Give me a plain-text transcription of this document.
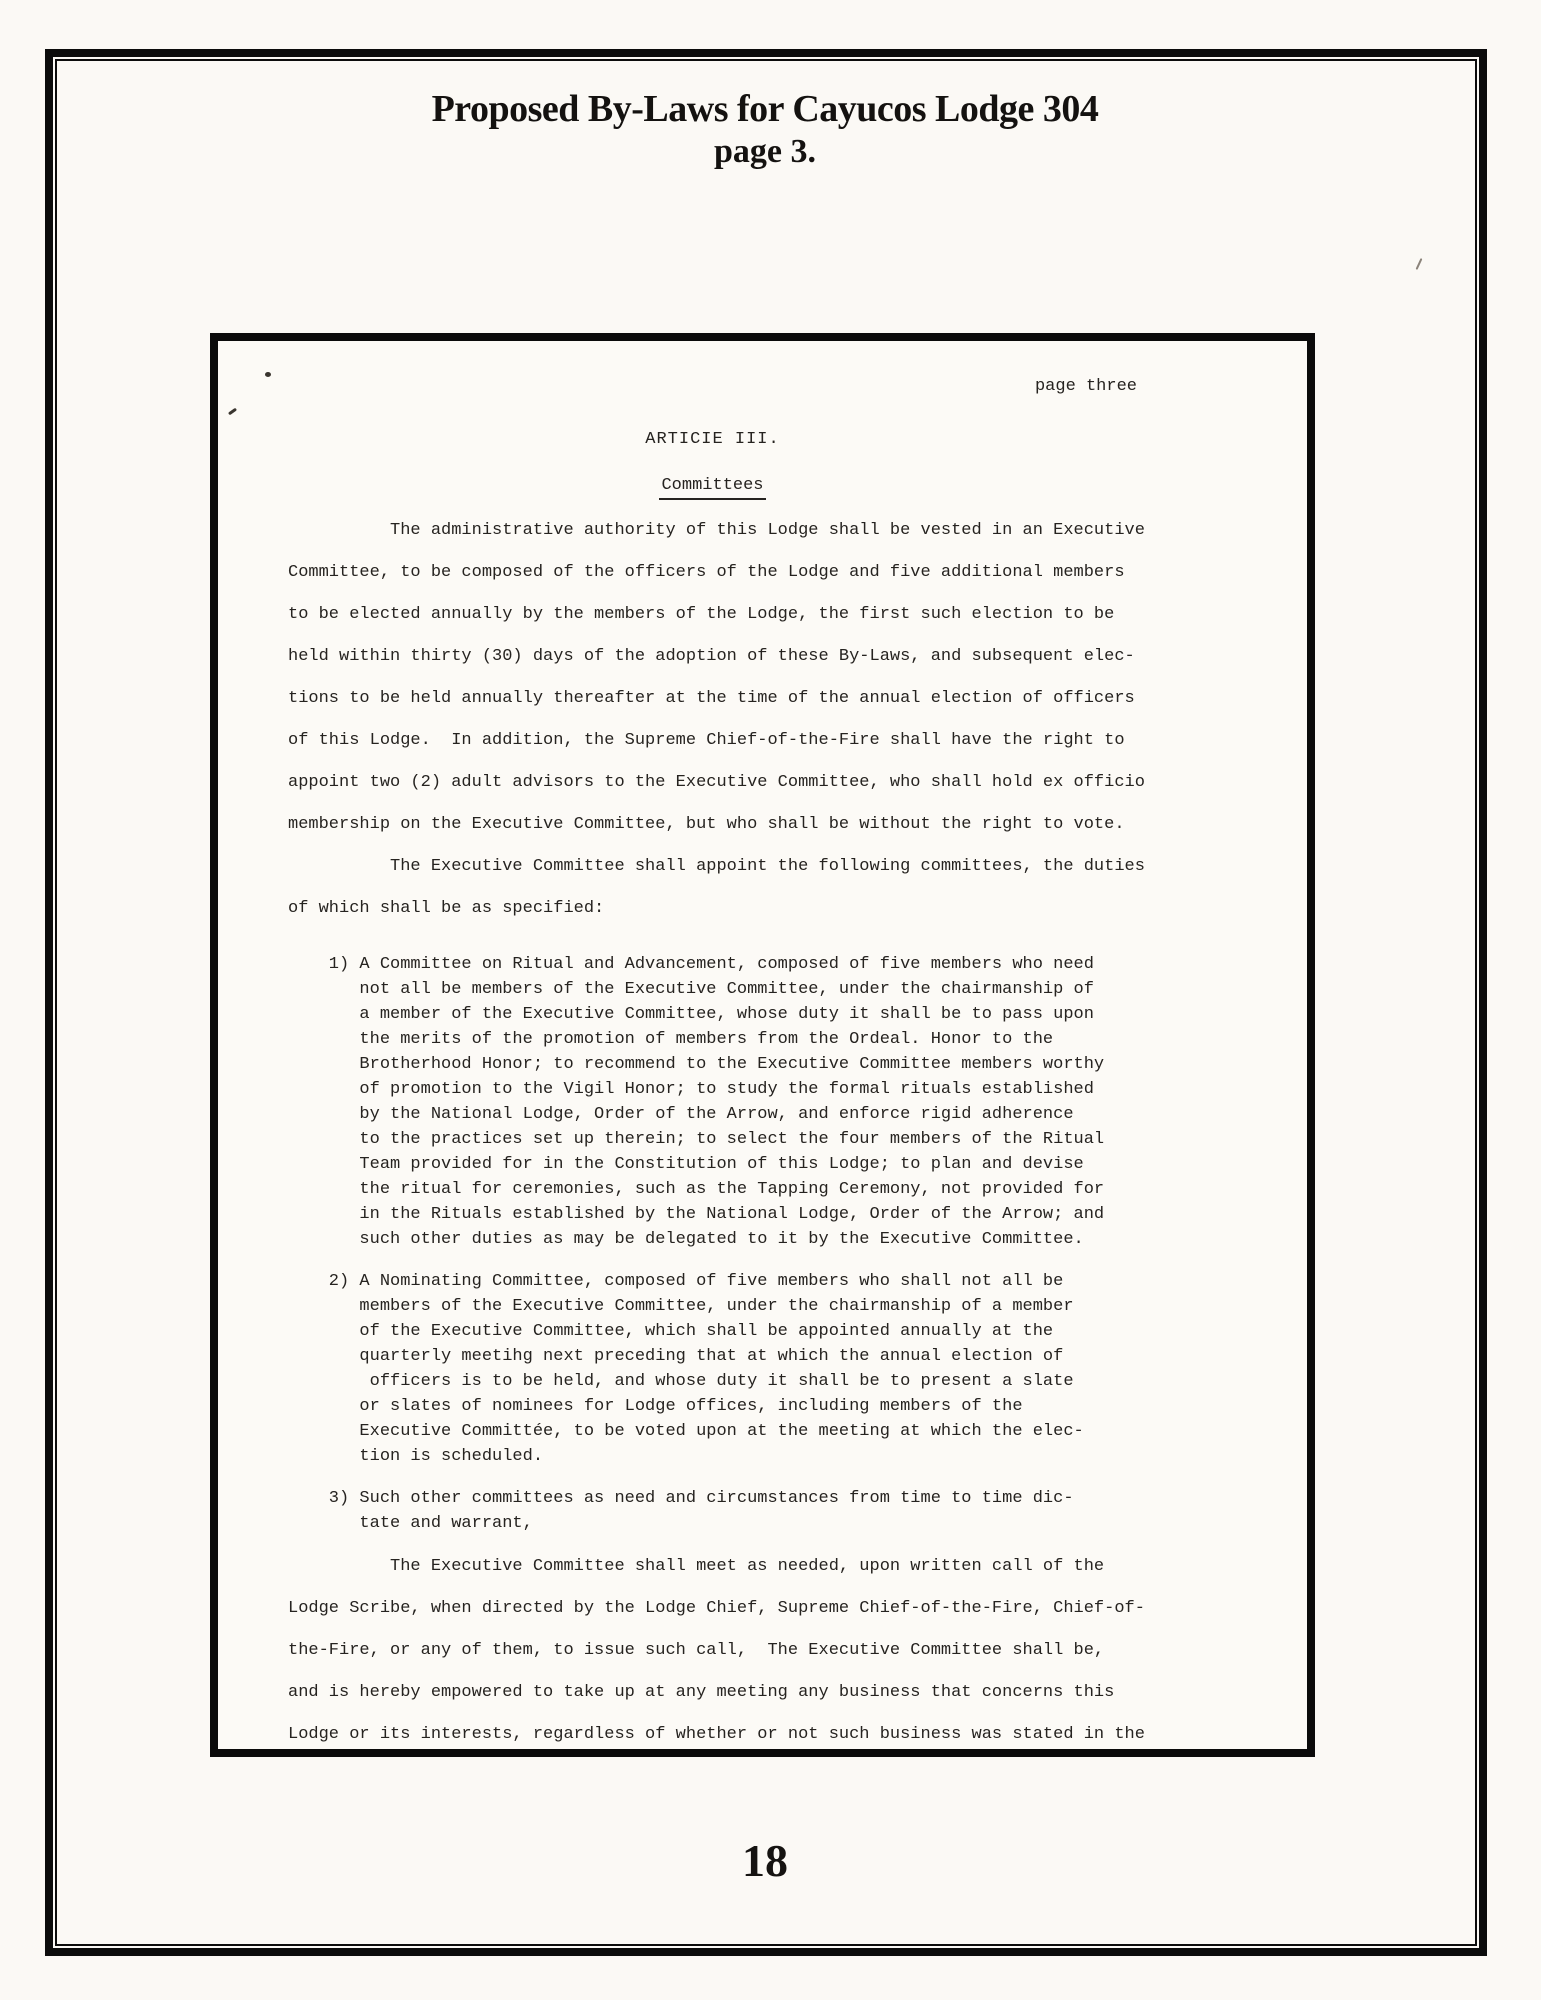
Proposed By-Laws for Cayucos Lodge 304
page 3.
page three
ARTICIE III.
Committees
The administrative authority of this Lodge shall be vested in an Executive
Committee, to be composed of the officers of the Lodge and five additional members
to be elected annually by the members of the Lodge, the first such election to be
held within thirty (30) days of the adoption of these By-Laws, and subsequent elec-
tions to be held annually thereafter at the time of the annual election of officers
of this Lodge.  In addition, the Supreme Chief-of-the-Fire shall have the right to
appoint two (2) adult advisors to the Executive Committee, who shall hold ex officio
membership on the Executive Committee, but who shall be without the right to vote.
The Executive Committee shall appoint the following committees, the duties
of which shall be as specified:
1) A Committee on Ritual and Advancement, composed of five members who need
not all be members of the Executive Committee, under the chairmanship of
a member of the Executive Committee, whose duty it shall be to pass upon
the merits of the promotion of members from the Ordeal. Honor to the
Brotherhood Honor; to recommend to the Executive Committee members worthy
of promotion to the Vigil Honor; to study the formal rituals established
by the National Lodge, Order of the Arrow, and enforce rigid adherence
to the practices set up therein; to select the four members of the Ritual
Team provided for in the Constitution of this Lodge; to plan and devise
the ritual for ceremonies, such as the Tapping Ceremony, not provided for
in the Rituals established by the National Lodge, Order of the Arrow; and
such other duties as may be delegated to it by the Executive Committee.
2) A Nominating Committee, composed of five members who shall not all be
members of the Executive Committee, under the chairmanship of a member
of the Executive Committee, which shall be appointed annually at the
quarterly meetihg next preceding that at which the annual election of
officers is to be held, and whose duty it shall be to present a slate
or slates of nominees for Lodge offices, including members of the
Executive Committée, to be voted upon at the meeting at which the elec-
tion is scheduled.
3) Such other committees as need and circumstances from time to time dic-
tate and warrant,
The Executive Committee shall meet as needed, upon written call of the
Lodge Scribe, when directed by the Lodge Chief, Supreme Chief-of-the-Fire, Chief-of-
the-Fire, or any of them, to issue such call,  The Executive Committee shall be,
and is hereby empowered to take up at any meeting any business that concerns this
Lodge or its interests, regardless of whether or not such business was stated in the
18
